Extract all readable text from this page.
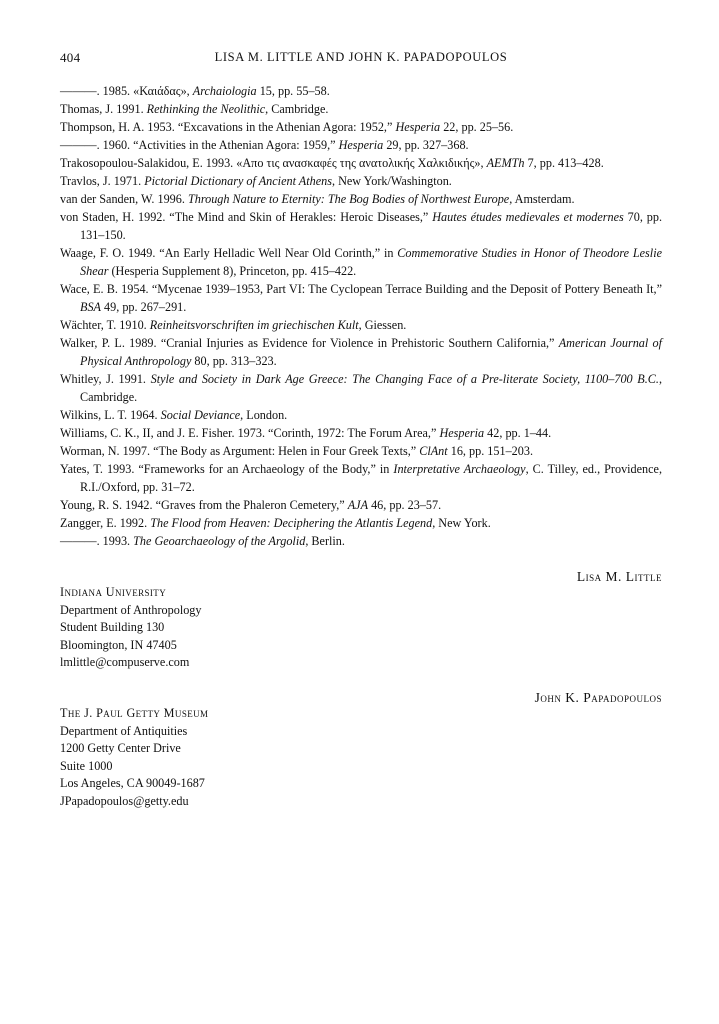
404	LISA M. LITTLE AND JOHN K. PAPADOPOULOS

———. 1985. «Καιάδας», Archaiologia 15, pp. 55–58.

Thomas, J. 1991. Rethinking the Neolithic, Cambridge.

Thompson, H. A. 1953. “Excavations in the Athenian Agora: 1952,” Hesperia 22, pp. 25–56.

———. 1960. “Activities in the Athenian Agora: 1959,” Hesperia 29, pp. 327–368.

Trakosopoulou-Salakidou, E. 1993. «Απο τις ανασκαφές της ανατολικής Χαλκιδικής», AEMTh 7, pp. 413–428.

Travlos, J. 1971. Pictorial Dictionary of Ancient Athens, New York/Washington.

van der Sanden, W. 1996. Through Nature to Eternity: The Bog Bodies of Northwest Europe, Amsterdam.

von Staden, H. 1992. “The Mind and Skin of Herakles: Heroic Diseases,” Hautes études medievales et modernes 70, pp. 131–150.

Waage, F. O. 1949. “An Early Helladic Well Near Old Corinth,” in Commemorative Studies in Honor of Theodore Leslie Shear (Hesperia Supplement 8), Princeton, pp. 415–422.

Wace, E. B. 1954. “Mycenae 1939–1953, Part VI: The Cyclopean Terrace Building and the Deposit of Pottery Beneath It,” BSA 49, pp. 267–291.

Wächter, T. 1910. Reinheitsvorschriften im griechischen Kult, Giessen.

Walker, P. L. 1989. “Cranial Injuries as Evidence for Violence in Prehistoric Southern California,” American Journal of Physical Anthropology 80, pp. 313–323.

Whitley, J. 1991. Style and Society in Dark Age Greece: The Changing Face of a Pre-literate Society, 1100–700 B.C., Cambridge.

Wilkins, L. T. 1964. Social Deviance, London.

Williams, C. K., II, and J. E. Fisher. 1973. “Corinth, 1972: The Forum Area,” Hesperia 42, pp. 1–44.

Worman, N. 1997. “The Body as Argument: Helen in Four Greek Texts,” ClAnt 16, pp. 151–203.

Yates, T. 1993. “Frameworks for an Archaeology of the Body,” in Interpretative Archaeology, C. Tilley, ed., Providence, R.I./Oxford, pp. 31–72.

Young, R. S. 1942. “Graves from the Phaleron Cemetery,” AJA 46, pp. 23–57.

Zangger, E. 1992. The Flood from Heaven: Deciphering the Atlantis Legend, New York.

———. 1993. The Geoarchaeology of the Argolid, Berlin.

Lisa M. Little
Indiana University
Department of Anthropology
Student Building 130
Bloomington, IN 47405
lmlittle@compuserve.com
John K. Papadopoulos
The J. Paul Getty Museum
Department of Antiquities
1200 Getty Center Drive
Suite 1000
Los Angeles, CA 90049-1687
JPapadopoulos@getty.edu
